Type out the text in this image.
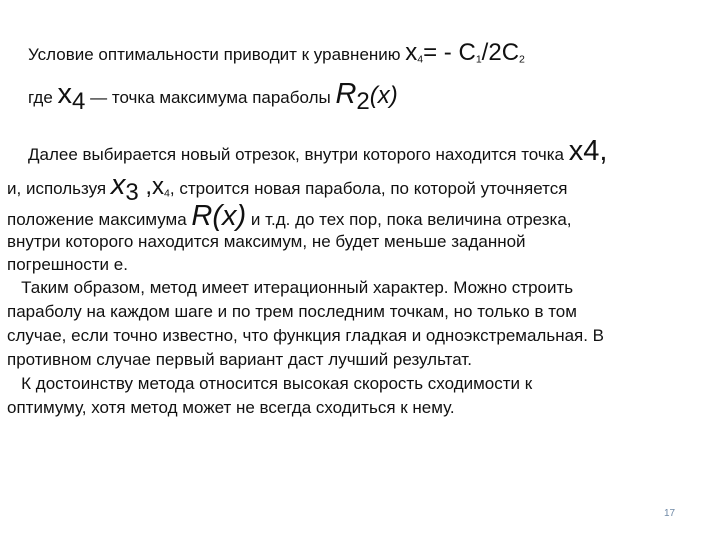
Условие оптимальности приводит к уравнению $x_4= - C_1/2C_2$
где $x_4$ — точка максимума параболы $R_2(x)$
Далее выбирается новый отрезок, внутри которого находится точка x4,
и, используя $x_3$ $,x_4$, строится новая парабола, по которой уточняется
положение максимума R(x) и т.д. до тех пор, пока величина отрезка,
внутри которого находится максимум, не будет меньше заданной
погрешности е.
Таким образом, метод имеет итерационный характер. Можно строить
параболу на каждом шаге и по трем последним точкам, но только в том
случае, если точно известно, что функция гладкая и одноэкстремальная. В
противном случае первый вариант даст лучший результат.
К достоинству метода относится высокая скорость сходимости к
оптимуму, хотя метод может не всегда сходиться к нему.
17
